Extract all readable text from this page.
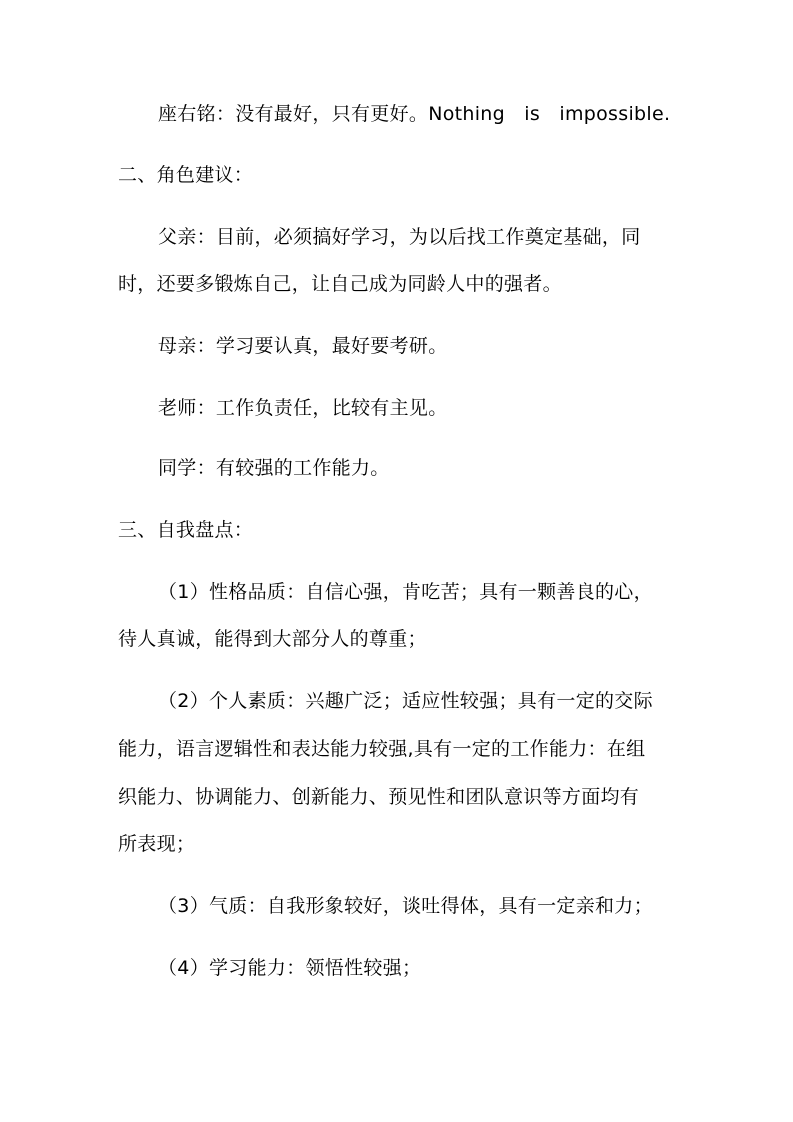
座右铭：没有最好，只有更好。Nothing　is　impossible.
二、角色建议：
父亲：目前，必须搞好学习，为以后找工作奠定基础，同
时，还要多锻炼自己，让自己成为同龄人中的强者。
母亲：学习要认真，最好要考研。
老师：工作负责任，比较有主见。
同学：有较强的工作能力。
三、自我盘点：
（1）性格品质：自信心强，肯吃苦；具有一颗善良的心，
待人真诚，能得到大部分人的尊重；
（2）个人素质：兴趣广泛；适应性较强；具有一定的交际
能力，语言逻辑性和表达能力较强,具有一定的工作能力：在组
织能力、协调能力、创新能力、预见性和团队意识等方面均有
所表现；
（3）气质：自我形象较好，谈吐得体，具有一定亲和力；
（4）学习能力：领悟性较强；
